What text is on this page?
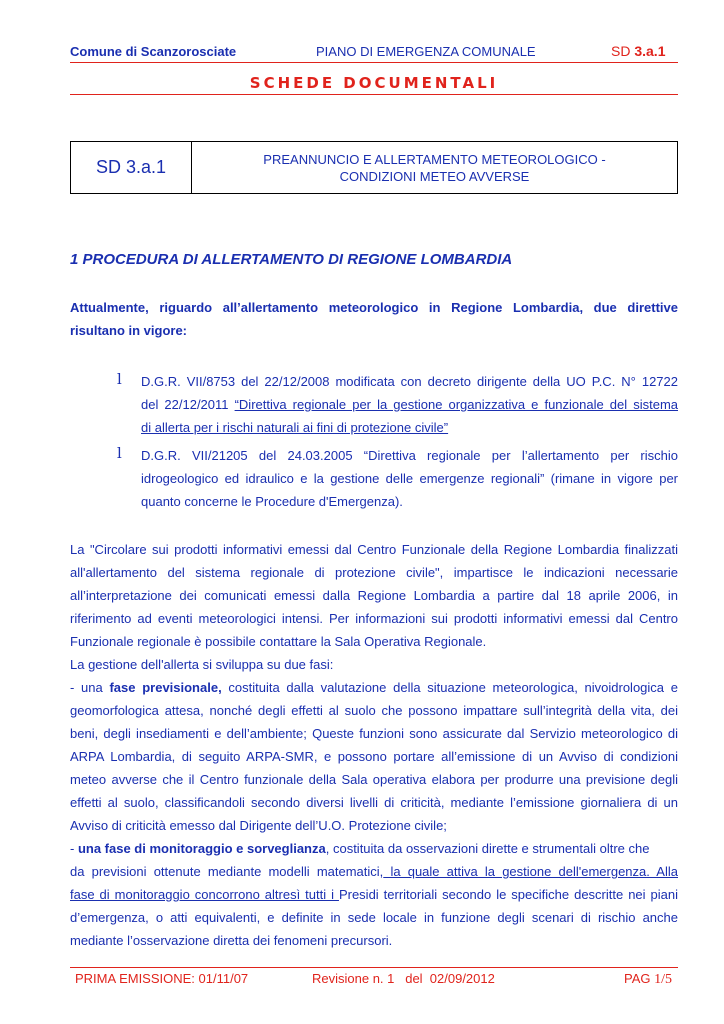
Comune di Scanzorosciate	PIANO DI EMERGENZA COMUNALE	SD 3.a.1
SCHEDE DOCUMENTALI
SD 3.a.1	PREANNUNCIO E ALLERTAMENTO METEOROLOGICO -
CONDIZIONI METEO AVVERSE
1 PROCEDURA DI ALLERTAMENTO DI REGIONE LOMBARDIA
Attualmente, riguardo all’allertamento meteorologico in Regione Lombardia, due direttive
risultano in vigore:
l D.G.R. VII/8753 del 22/12/2008 modificata con decreto dirigente della UO P.C. N° 12722
del 22/12/2011 “Direttiva regionale per la gestione organizzativa e funzionale del sistema
di allerta per i rischi naturali ai fini di protezione civile”
l D.G.R. VII/21205 del 24.03.2005 “Direttiva regionale per l’allertamento per rischio
idrogeologico ed idraulico e la gestione delle emergenze regionali” (rimane in vigore per
quanto concerne le Procedure d'Emergenza).
La "Circolare sui prodotti informativi emessi dal Centro Funzionale della Regione Lombardia finalizzati
all'allertamento del sistema regionale di protezione civile", impartisce le indicazioni necessarie
all’interpretazione dei comunicati emessi dalla Regione Lombardia a partire dal 18 aprile 2006, in
riferimento ad eventi meteorologici intensi. Per informazioni sui prodotti informativi emessi dal Centro
Funzionale regionale è possibile contattare la Sala Operativa Regionale.
La gestione dell'allerta si sviluppa su due fasi:
- una fase previsionale, costituita dalla valutazione della situazione meteorologica, nivoidrologica e
geomorfologica attesa, nonché degli effetti al suolo che possono impattare sull’integrità della vita, dei
beni, degli insediamenti e dell’ambiente; Queste funzioni sono assicurate dal Servizio meteorologico di
ARPA Lombardia, di seguito ARPA-SMR, e possono portare all’emissione di un Avviso di condizioni
meteo avverse che il Centro funzionale della Sala operativa elabora per produrre una previsione degli
effetti al suolo, classificandoli secondo diversi livelli di criticità, mediante l’emissione giornaliera di un
Avviso di criticità emesso dal Dirigente dell’U.O. Protezione civile;
- una fase di monitoraggio e sorveglianza, costituita da osservazioni dirette e strumentali oltre che
da previsioni ottenute mediante modelli matematici, la quale attiva la gestione dell'emergenza. Alla
fase di monitoraggio concorrono altresì tutti i Presidi territoriali secondo le specifiche descritte nei piani
d’emergenza, o atti equivalenti, e definite in sede locale in funzione degli scenari di rischio anche
mediante l’osservazione diretta dei fenomeni precursori.
PRIMA EMISSIONE: 01/11/07	Revisione n. 1   del  02/09/2012	PAG 1/5
